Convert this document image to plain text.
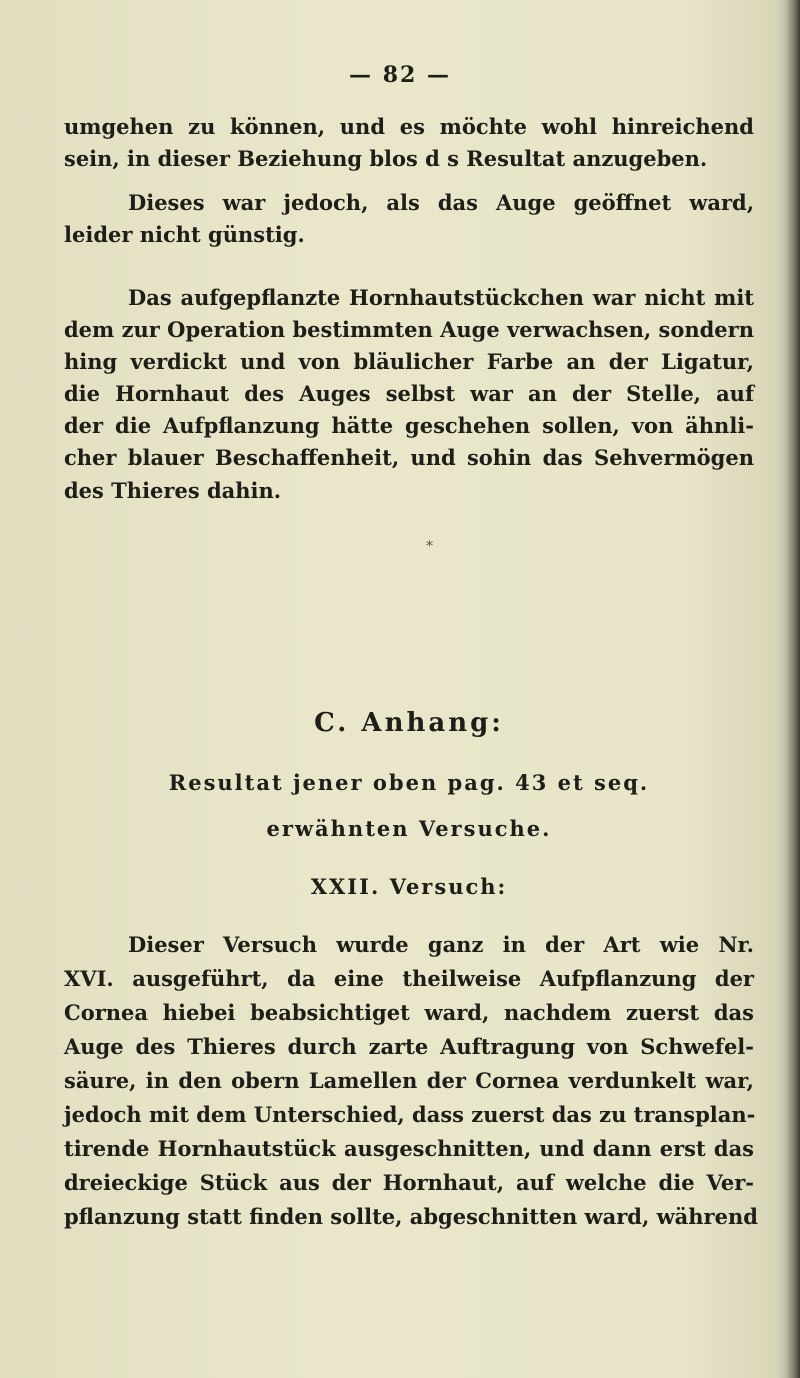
— 82 —
umgehen zu können, und es möchte wohl hinreichend
sein, in dieser Beziehung blos d s Resultat anzugeben.
Dieses war jedoch, als das Auge geöffnet ward,
leider nicht günstig.
Das aufgepflanzte Hornhautstückchen war nicht mit
dem zur Operation bestimmten Auge verwachsen, sondern
hing verdickt und von bläulicher Farbe an der Ligatur,
die Hornhaut des Auges selbst war an der Stelle, auf
der die Aufpflanzung hätte geschehen sollen, von ähnli-
cher blauer Beschaffenheit, und sohin das Sehvermögen
des Thieres dahin.
⁎
C. Anhang:
Resultat jener oben pag. 43 et seq.
erwähnten Versuche.
XXII. Versuch:
Dieser Versuch wurde ganz in der Art wie Nr.
XVI. ausgeführt, da eine theilweise Aufpflanzung der
Cornea hiebei beabsichtiget ward, nachdem zuerst das
Auge des Thieres durch zarte Auftragung von Schwefel-
säure, in den obern Lamellen der Cornea verdunkelt war,
jedoch mit dem Unterschied, dass zuerst das zu transplan-
tirende Hornhautstück ausgeschnitten, und dann erst das
dreieckige Stück aus der Hornhaut, auf welche die Ver-
pflanzung statt finden sollte, abgeschnitten ward, während
